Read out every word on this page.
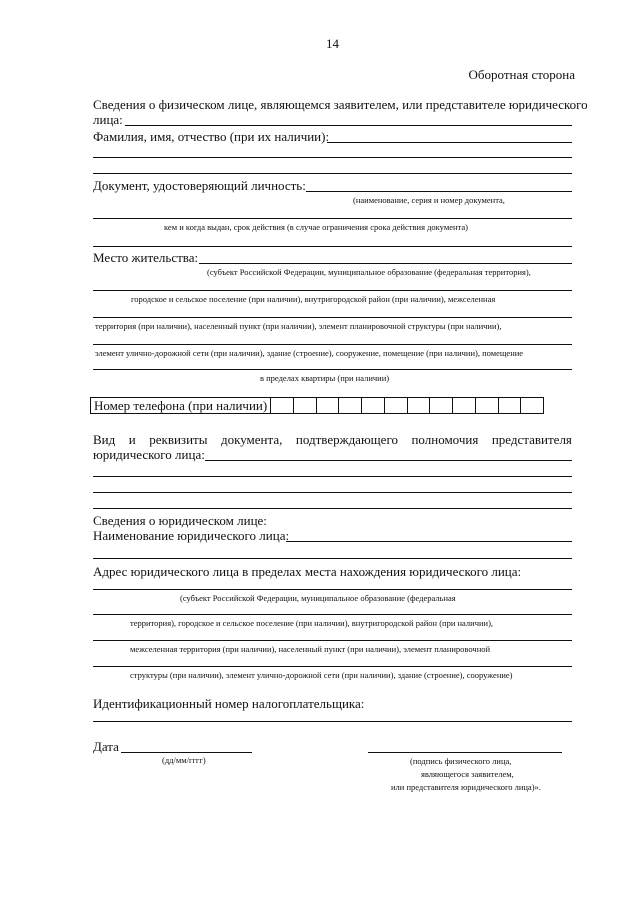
14
Оборотная сторона
Сведения о физическом лице, являющемся заявителем, или представителе юридического
лица:
Фамилия, имя, отчество (при их наличии):
Документ, удостоверяющий личность:
(наименование, серия и номер документа,
кем и когда выдан, срок действия (в случае ограничения срока действия документа)
Место жительства:
(субъект Российской Федерации, муниципальное образование (федеральная территория),
городское и сельское поселение (при наличии), внутригородской район (при наличии), межселенная
территория (при наличии), населенный пункт (при наличии), элемент планировочной структуры (при наличии),
элемент улично-дорожной сети (при наличии), здание (строение), сооружение, помещение (при наличии), помещение
в пределах квартиры (при наличии)
Номер телефона (при наличии)
Вид и реквизиты документа, подтверждающего полномочия представителя
юридического лица:
Сведения о юридическом лице:
Наименование юридического лица:
Адрес юридического лица в пределах места нахождения юридического лица:
(субъект Российской Федерации, муниципальное образование (федеральная
территория), городское и сельское поселение (при наличии), внутригородской район (при наличии),
межселенная территория (при наличии), населенный пункт (при наличии), элемент планировочной
структуры (при наличии), элемент улично-дорожной сети (при наличии), здание (строение), сооружение)
Идентификационный номер налогоплательщика:
Дата
(дд/мм/гггг)	(подпись физического лица,
являющегося заявителем,
или представителя юридического лица)».
